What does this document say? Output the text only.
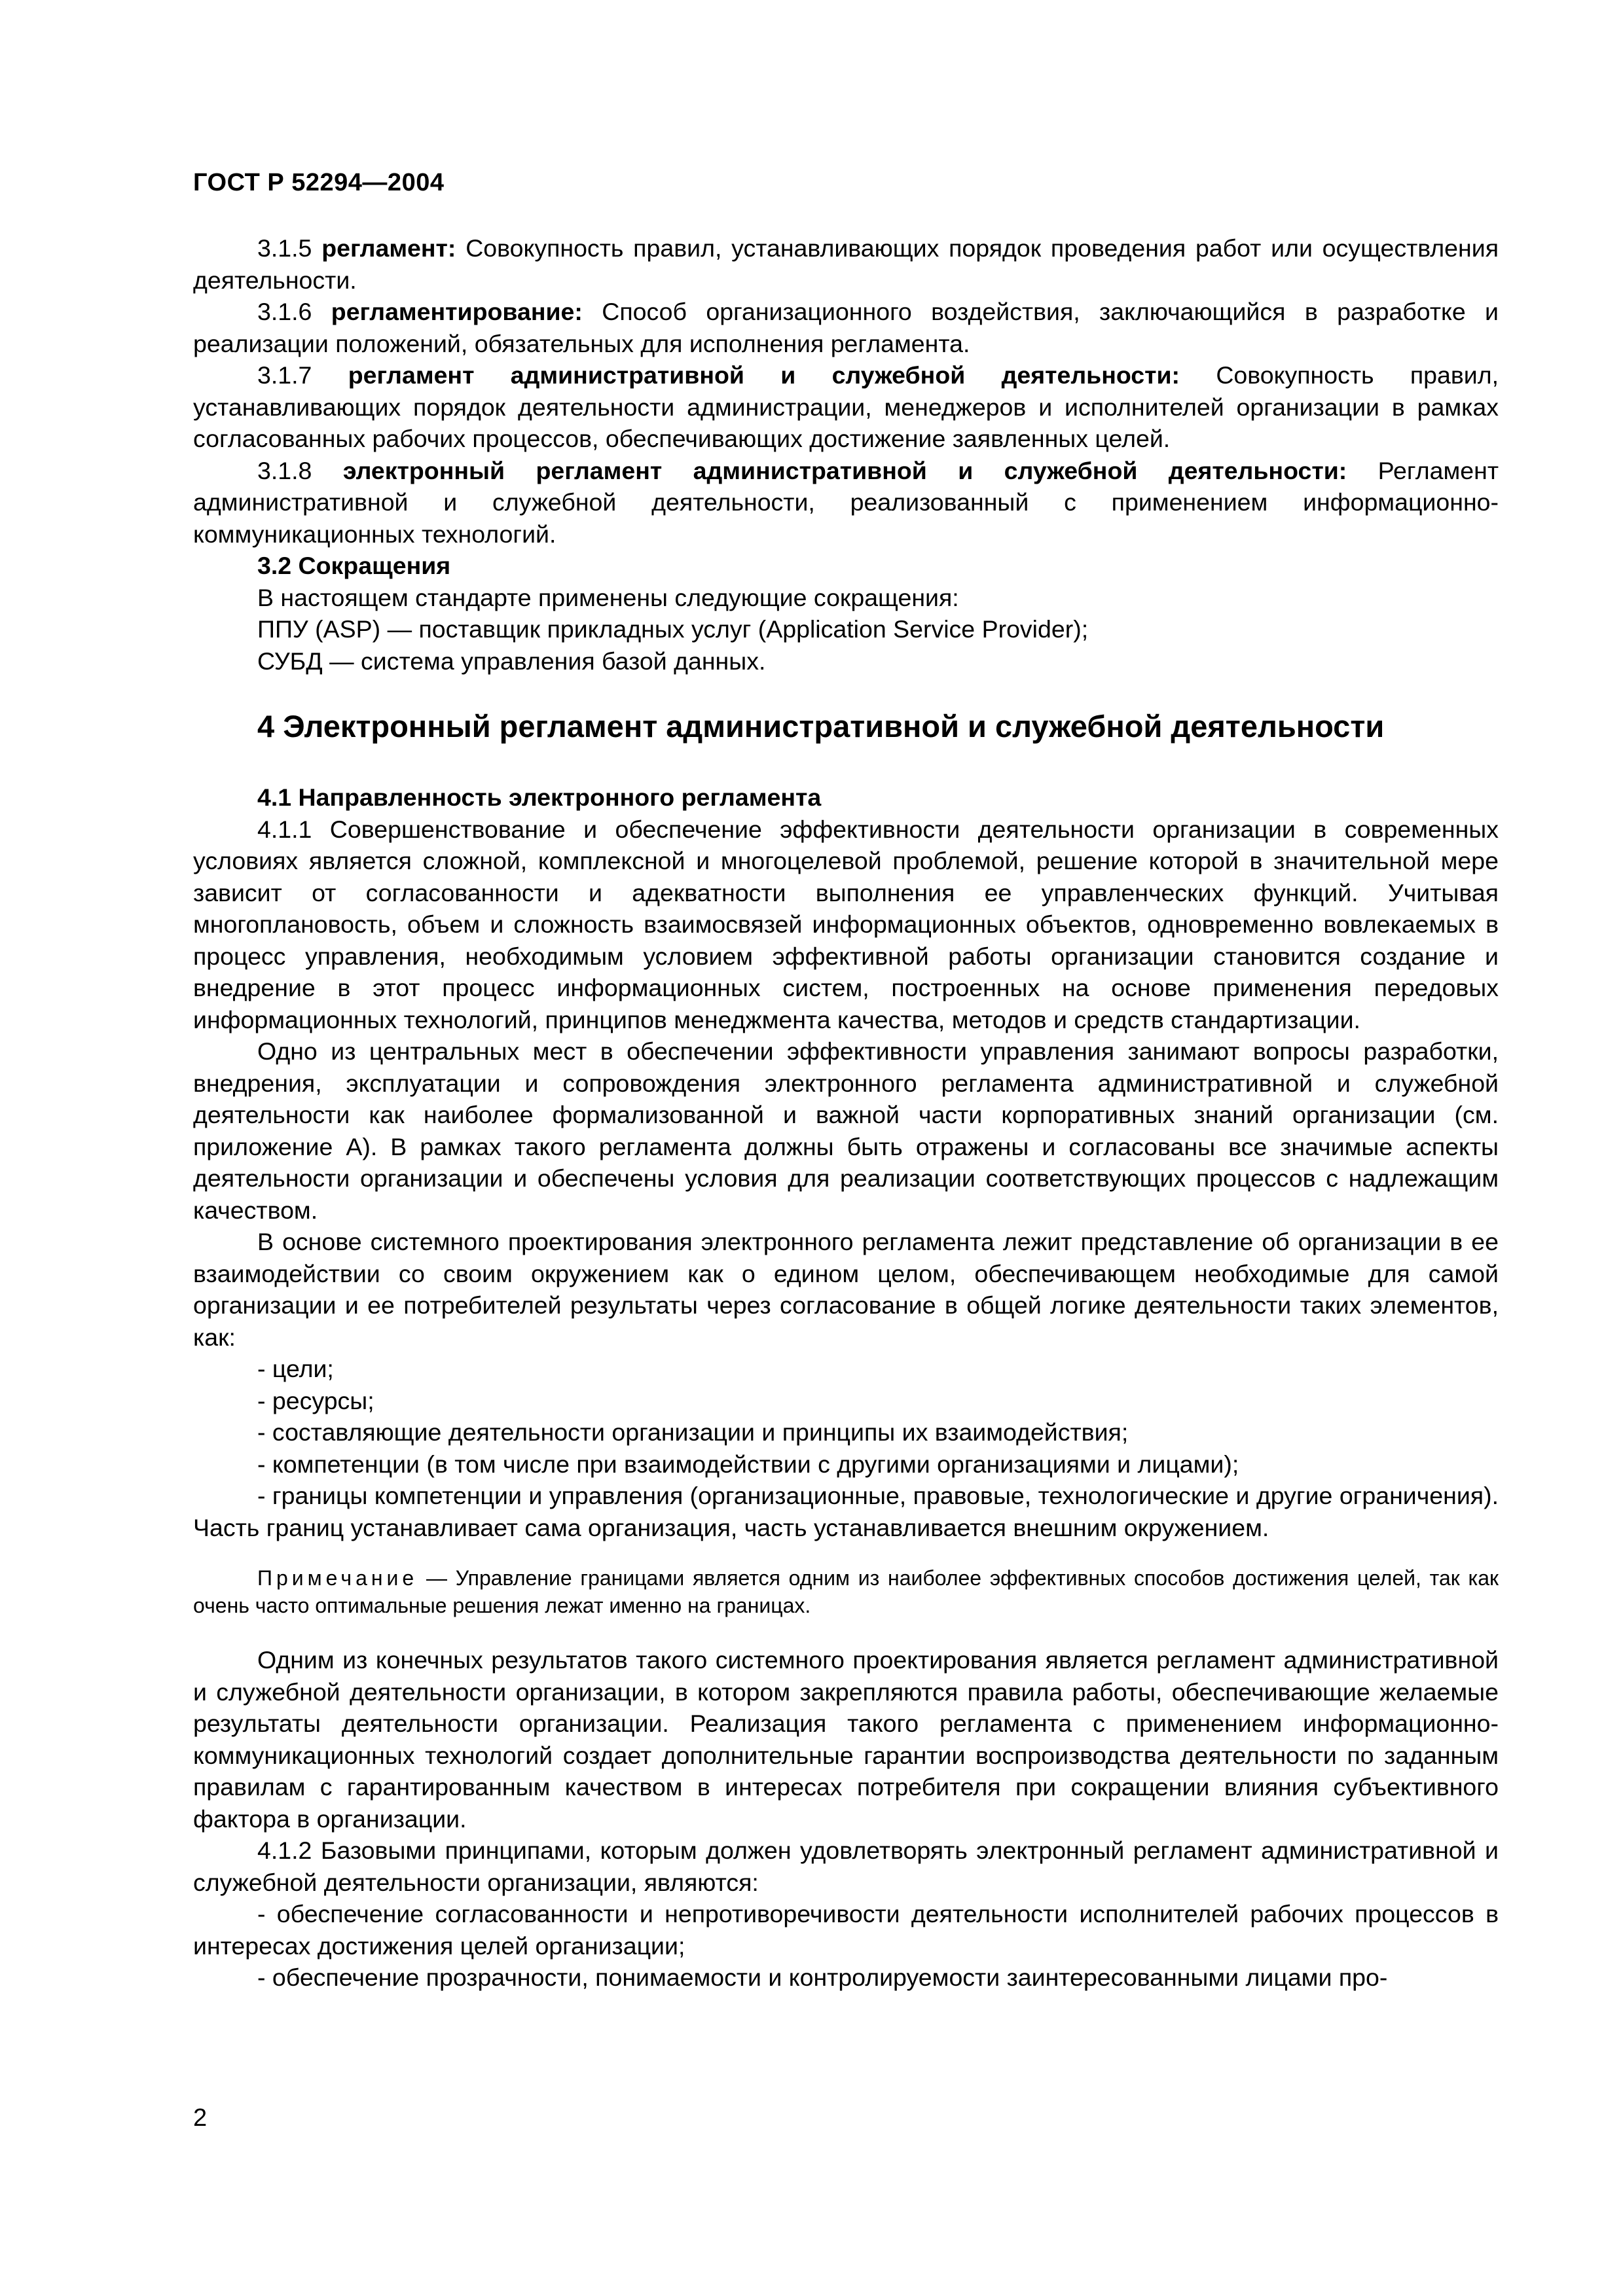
ГОСТ Р 52294—2004

3.1.5 регламент: Совокупность правил, устанавливающих порядок проведения работ или осуществления деятельности.

3.1.6 регламентирование: Способ организационного воздействия, заключающийся в разработке и реализации положений, обязательных для исполнения регламента.

3.1.7 регламент административной и служебной деятельности: Совокупность правил, устанавливающих порядок деятельности администрации, менеджеров и исполнителей организации в рамках согласованных рабочих процессов, обеспечивающих достижение заявленных целей.

3.1.8 электронный регламент административной и служебной деятельности: Регламент административной и служебной деятельности, реализованный с применением информационно-коммуникационных технологий.

3.2 Сокращения

В настоящем стандарте применены следующие сокращения:

ППУ (ASP) — поставщик прикладных услуг (Application Service Provider);

СУБД — система управления базой данных.

4 Электронный регламент административной и служебной деятельности

4.1 Направленность электронного регламента

4.1.1 Совершенствование и обеспечение эффективности деятельности организации в современных условиях является сложной, комплексной и многоцелевой проблемой, решение которой в значительной мере зависит от согласованности и адекватности выполнения ее управленческих функций. Учитывая многоплановость, объем и сложность взаимосвязей информационных объектов, одновременно вовлекаемых в процесс управления, необходимым условием эффективной работы организации становится создание и внедрение в этот процесс информационных систем, построенных на основе применения передовых информационных технологий, принципов менеджмента качества, методов и средств стандартизации.

Одно из центральных мест в обеспечении эффективности управления занимают вопросы разработки, внедрения, эксплуатации и сопровождения электронного регламента административной и служебной деятельности как наиболее формализованной и важной части корпоративных знаний организации (см. приложение А). В рамках такого регламента должны быть отражены и согласованы все значимые аспекты деятельности организации и обеспечены условия для реализации соответствующих процессов с надлежащим качеством.

В основе системного проектирования электронного регламента лежит представление об организации в ее взаимодействии со своим окружением как о едином целом, обеспечивающем необходимые для самой организации и ее потребителей результаты через согласование в общей логике деятельности таких элементов, как:

- цели;

- ресурсы;

- составляющие деятельности организации и принципы их взаимодействия;

- компетенции (в том числе при взаимодействии с другими организациями и лицами);

- границы компетенции и управления (организационные, правовые, технологические и другие ограничения). Часть границ устанавливает сама организация, часть устанавливается внешним окружением.

Примечание — Управление границами является одним из наиболее эффективных способов достижения целей, так как очень часто оптимальные решения лежат именно на границах.

Одним из конечных результатов такого системного проектирования является регламент административной и служебной деятельности организации, в котором закрепляются правила работы, обеспечивающие желаемые результаты деятельности организации. Реализация такого регламента с применением информационно-коммуникационных технологий создает дополнительные гарантии воспроизводства деятельности по заданным правилам с гарантированным качеством в интересах потребителя при сокращении влияния субъективного фактора в организации.

4.1.2 Базовыми принципами, которым должен удовлетворять электронный регламент административной и служебной деятельности организации, являются:

- обеспечение согласованности и непротиворечивости деятельности исполнителей рабочих процессов в интересах достижения целей организации;

- обеспечение прозрачности, понимаемости и контролируемости заинтересованными лицами про-

2
